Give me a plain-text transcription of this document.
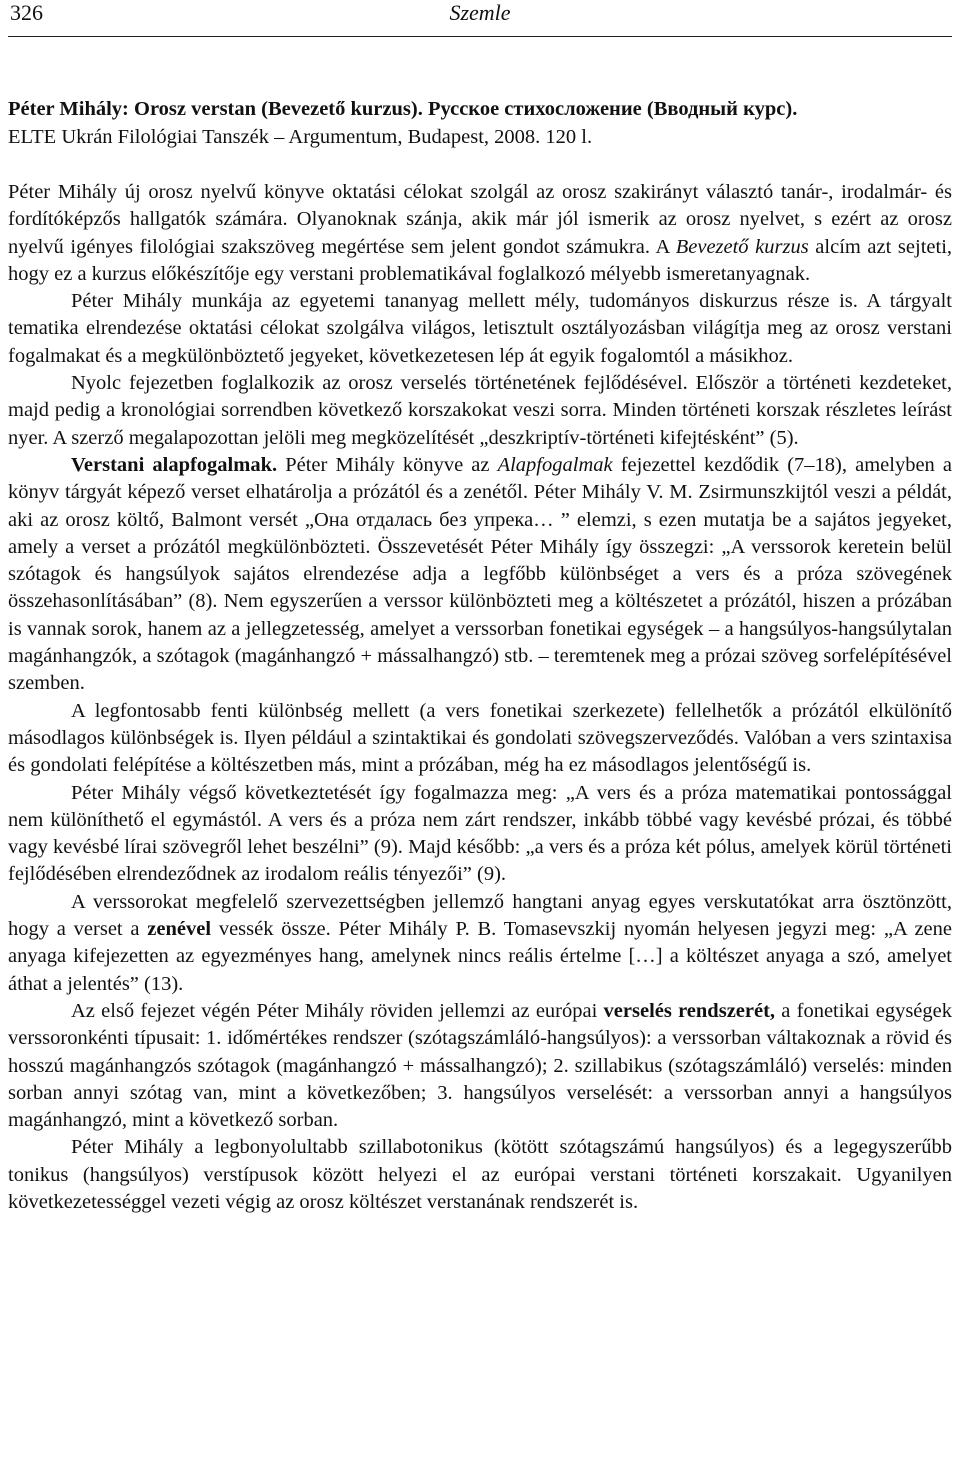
326	Szemle
Péter Mihály: Orosz verstan (Bevezető kurzus). Русское стихосложение (Вводный курс).
ELTE Ukrán Filológiai Tanszék – Argumentum, Budapest, 2008. 120 l.

Péter Mihály új orosz nyelvű könyve oktatási célokat szolgál az orosz szakirányt választó tanár-, irodalmár- és fordítóképzős hallgatók számára. Olyanoknak szánja, akik már jól ismerik az orosz nyelvet, s ezért az orosz nyelvű igényes filológiai szakszöveg megértése sem jelent gondot számukra. A Bevezető kurzus alcím azt sejteti, hogy ez a kurzus előkészítője egy verstani problematikával foglalkozó mélyebb ismeretanyagnak.

Péter Mihály munkája az egyetemi tananyag mellett mély, tudományos diskurzus része is. A tárgyalt tematika elrendezése oktatási célokat szolgálva világos, letisztult osztályozásban világítja meg az orosz verstani fogalmakat és a megkülönböztető jegyeket, következetesen lép át egyik fogalomtól a másikhoz.

Nyolc fejezetben foglalkozik az orosz verselés történetének fejlődésével. Először a történeti kezdeteket, majd pedig a kronológiai sorrendben következő korszakokat veszi sorra. Minden történeti korszak részletes leírást nyer. A szerző megalapozottan jelöli meg megközelítését „deszkriptív-történeti kifejtésként” (5).

Verstani alapfogalmak. Péter Mihály könyve az Alapfogalmak fejezettel kezdődik (7–18), amelyben a könyv tárgyát képező verset elhatárolja a prózától és a zenétől. Péter Mihály V. M. Zsirmunszkijtól veszi a példát, aki az orosz költő, Balmont versét „Она отдалась без упрека… ” elemzi, s ezen mutatja be a sajátos jegyeket, amely a verset a prózától megkülönbözteti. Összevetését Péter Mihály így összegzi: „A verssorok keretein belül szótagok és hangsúlyok sajátos elrendezése adja a legfőbb különbséget a vers és a próza szövegének összehasonlításában” (8). Nem egyszerűen a verssor különbözteti meg a költészetet a prózától, hiszen a prózában is vannak sorok, hanem az a jellegzetesség, amelyet a verssorban fonetikai egységek – a hangsúlyos-hangsúlytalan magánhangzók, a szótagok (magánhangzó + mássalhangzó) stb. – teremtenek meg a prózai szöveg sorfelépítésével szemben.

A legfontosabb fenti különbség mellett (a vers fonetikai szerkezete) fellelhetők a prózától elkülönítő másodlagos különbségek is. Ilyen például a szintaktikai és gondolati szövegszerveződés. Valóban a vers szintaxisa és gondolati felépítése a költészetben más, mint a prózában, még ha ez másodlagos jelentőségű is.

Péter Mihály végső következtetését így fogalmazza meg: „A vers és a próza matematikai pontossággal nem különíthető el egymástól. A vers és a próza nem zárt rendszer, inkább többé vagy kevésbé prózai, és többé vagy kevésbé lírai szövegről lehet beszélni” (9). Majd később: „a vers és a próza két pólus, amelyek körül történeti fejlődésében elrendeződnek az irodalom reális tényezői” (9).

A verssorokat megfelelő szervezettségben jellemző hangtani anyag egyes verskutatókat arra ösztönzött, hogy a verset a zenével vessék össze. Péter Mihály P. B. Tomasevszkij nyomán helyesen jegyzi meg: „A zene anyaga kifejezetten az egyezményes hang, amelynek nincs reális értelme […] a költészet anyaga a szó, amelyet áthat a jelentés” (13).

Az első fejezet végén Péter Mihály röviden jellemzi az európai verselés rendszerét, a fonetikai egységek verssoronkénti típusait: 1. időmértékes rendszer (szótagszámláló-hangsúlyos): a verssorban váltakoznak a rövid és hosszú magánhangzós szótagok (magánhangzó + mássalhangzó); 2. szillabikus (szótagszámláló) verselés: minden sorban annyi szótag van, mint a következőben; 3. hangsúlyos verselését: a verssorban annyi a hangsúlyos magánhangzó, mint a következő sorban.

Péter Mihály a legbonyolultabb szillabotonikus (kötött szótagszámú hangsúlyos) és a legegyszerűbb tonikus (hangsúlyos) verstípusok között helyezi el az európai verstani történeti korszakait. Ugyanilyen következetességgel vezeti végig az orosz költészet verstanának rendszerét is.
